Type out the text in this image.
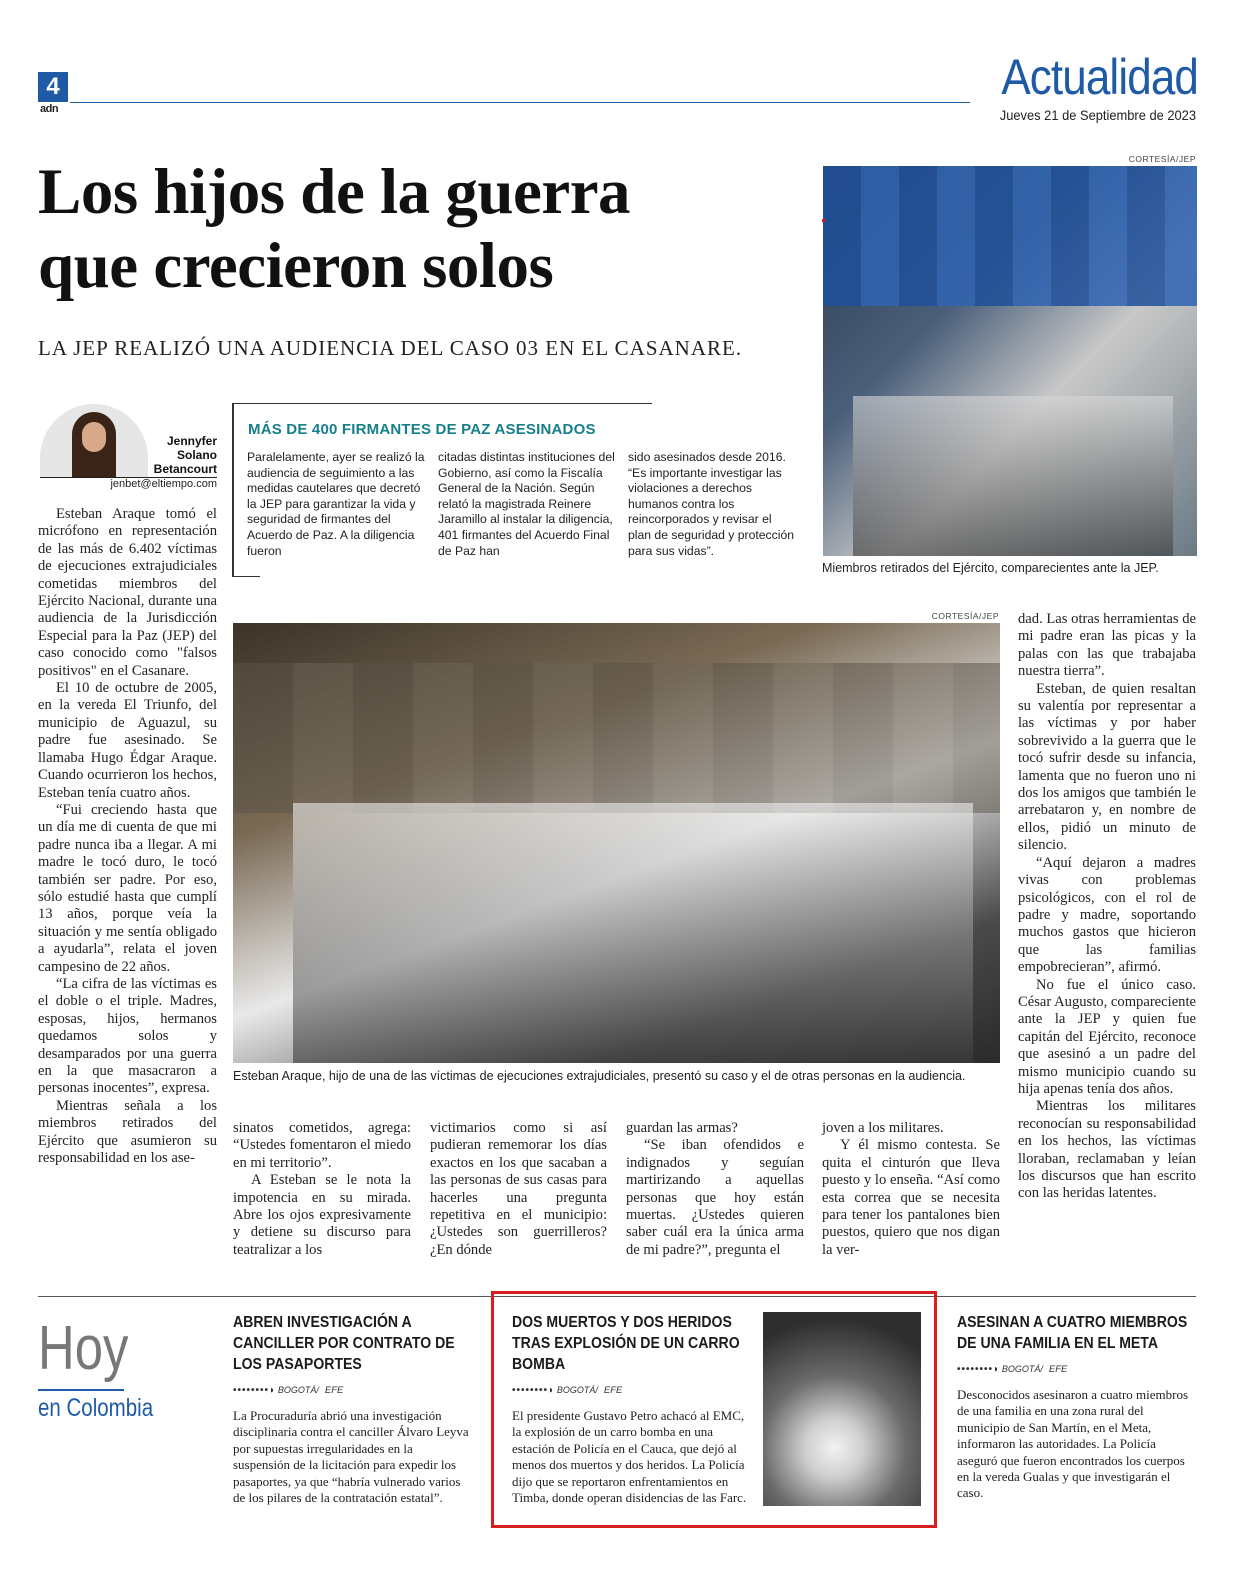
4
adn
Actualidad
Jueves 21 de Septiembre de 2023
Los hijos de la guerra
que crecieron solos
LA JEP REALIZÓ UNA AUDIENCIA DEL CASO 03 EN EL CASANARE.
CORTESÍA/JEP
Miembros retirados del Ejército, comparecientes ante la JEP.
Jennyfer
Solano
Betancourt
jenbet@eltiempo.com
MÁS DE 400 FIRMANTES DE PAZ ASESINADOS
Paralelamente, ayer se realizó la audiencia de seguimiento a las medidas cautelares que decretó la JEP para garantizar la vida y seguridad de firmantes del Acuerdo de Paz. A la diligencia fueron
citadas distintas instituciones del Gobierno, así como la Fiscalía General de la Nación. Según relató la magistrada Reinere Jaramillo al instalar la diligencia, 401 firmantes del Acuerdo Final de Paz han
sido asesinados desde 2016. “Es importante investigar las violaciones a derechos humanos contra los reincorporados y revisar el plan de seguridad y protección para sus vidas”.

Esteban Araque tomó el micrófono en representación de las más de 6.402 víctimas de ejecuciones extrajudiciales cometidas miembros del Ejército Nacional, durante una audiencia de la Jurisdicción Especial para la Paz (JEP) del caso conocido como "falsos positivos" en el Casanare.

El 10 de octubre de 2005, en la vereda El Triunfo, del municipio de Aguazul, su padre fue asesinado. Se llamaba Hugo Édgar Araque. Cuando ocurrieron los hechos, Esteban tenía cuatro años.

“Fui creciendo hasta que un día me di cuenta de que mi padre nunca iba a llegar. A mi madre le tocó duro, le tocó también ser padre. Por eso, sólo estudié hasta que cumplí 13 años, porque veía la situación y me sentía obligado a ayudarla”, relata el joven campesino de 22 años.

“La cifra de las víctimas es el doble o el triple. Madres, esposas, hijos, hermanos quedamos solos y desamparados por una guerra en la que masacraron a personas inocentes”, expresa.

Mientras señala a los miembros retirados del Ejército que asumieron su responsabilidad en los ase-

CORTESÍA/JEP
Esteban Araque, hijo de una de las víctimas de ejecuciones extrajudiciales, presentó su caso y el de otras personas en la audiencia.

dad. Las otras herramientas de mi padre eran las picas y la palas con las que trabajaba nuestra tierra”.

Esteban, de quien resaltan su valentía por representar a las víctimas y por haber sobrevivido a la guerra que le tocó sufrir desde su infancia, lamenta que no fueron uno ni dos los amigos que también le arrebataron y, en nombre de ellos, pidió un minuto de silencio.

“Aquí dejaron a madres vivas con problemas psicológicos, con el rol de padre y madre, soportando muchos gastos que hicieron que las familias empobrecieran”, afirmó.

No fue el único caso. César Augusto, compareciente ante la JEP y quien fue capitán del Ejército, reconoce que asesinó a un padre del mismo municipio cuando su hija apenas tenía dos años.

Mientras los militares reconocían su responsabilidad en los hechos, las víctimas lloraban, reclamaban y leían los discursos que han escrito con las heridas latentes.

sinatos cometidos, agrega: “Ustedes fomentaron el miedo en mi territorio”.

A Esteban se le nota la impotencia en su mirada. Abre los ojos expresivamente y detiene su discurso para teatralizar a los

victimarios como si así pudieran rememorar los días exactos en los que sacaban a las personas de sus casas para hacerles una pregunta repetitiva en el municipio: ¿Ustedes son guerrilleros? ¿En dónde

guardan las armas?

“Se iban ofendidos e indignados y seguían martirizando a aquellas personas que hoy están muertas. ¿Ustedes quieren saber cuál era la única arma de mi padre?”, pregunta el

joven a los militares.

Y él mismo contesta. Se quita el cinturón que lleva puesto y lo enseña. “Así como esta correa que se necesita para tener los pantalones bien puestos, quiero que nos digan la ver-

Hoy
en Colombia
ABREN INVESTIGACIÓN A CANCILLER POR CONTRATO DE LOS PASAPORTES
••••••••◗ BOGOTÁ/ EFE
La Procuraduría abrió una investigación disciplinaria contra el canciller Álvaro Leyva por supuestas irregularidades en la suspensión de la licitación para expedir los pasaportes, ya que “habría vulnerado varios de los pilares de la contratación estatal”.
DOS MUERTOS Y DOS HERIDOS TRAS EXPLOSIÓN DE UN CARRO BOMBA
••••••••◗ BOGOTÁ/ EFE
El presidente Gustavo Petro achacó al EMC, la explosión de un carro bomba en una estación de Policía en el Cauca, que dejó al menos dos muertos y dos heridos. La Policía dijo que se reportaron enfrentamientos en Timba, donde operan disidencias de las Farc.
ASESINAN A CUATRO MIEMBROS DE UNA FAMILIA EN EL META
••••••••◗ BOGOTÁ/ EFE
Desconocidos asesinaron a cuatro miembros de una familia en una zona rural del municipio de San Martín, en el Meta, informaron las autoridades. La Policía aseguró que fueron encontrados los cuerpos en la vereda Gualas y que investigarán el caso.
